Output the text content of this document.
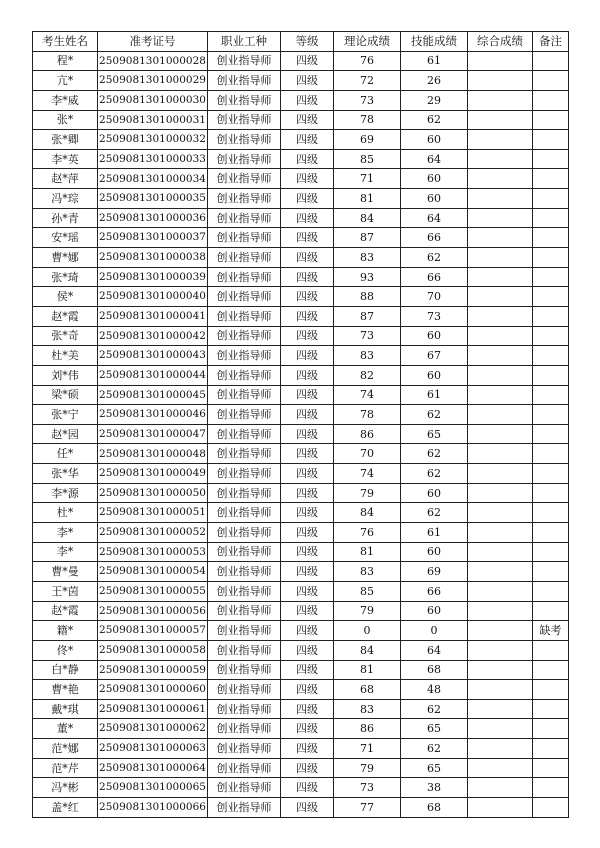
考生姓名	准考证号	职业工种	等级	理论成绩	技能成绩	综合成绩	备注
程*	2509081301000028	创业指导师	四级	76	61		
亢*	2509081301000029	创业指导师	四级	72	26		
李*威	2509081301000030	创业指导师	四级	73	29		
张*	2509081301000031	创业指导师	四级	78	62		
张*卿	2509081301000032	创业指导师	四级	69	60		
李*英	2509081301000033	创业指导师	四级	85	64		
赵*萍	2509081301000034	创业指导师	四级	71	60		
冯*琮	2509081301000035	创业指导师	四级	81	60		
孙*青	2509081301000036	创业指导师	四级	84	64		
安*瑶	2509081301000037	创业指导师	四级	87	66		
曹*娜	2509081301000038	创业指导师	四级	83	62		
张*琦	2509081301000039	创业指导师	四级	93	66		
侯*	2509081301000040	创业指导师	四级	88	70		
赵*霞	2509081301000041	创业指导师	四级	87	73		
张*奇	2509081301000042	创业指导师	四级	73	60		
杜*美	2509081301000043	创业指导师	四级	83	67		
刘*伟	2509081301000044	创业指导师	四级	82	60		
梁*硕	2509081301000045	创业指导师	四级	74	61		
张*宁	2509081301000046	创业指导师	四级	78	62		
赵*园	2509081301000047	创业指导师	四级	86	65		
任*	2509081301000048	创业指导师	四级	70	62		
张*华	2509081301000049	创业指导师	四级	74	62		
李*源	2509081301000050	创业指导师	四级	79	60		
杜*	2509081301000051	创业指导师	四级	84	62		
李*	2509081301000052	创业指导师	四级	76	61		
李*	2509081301000053	创业指导师	四级	81	60		
曹*曼	2509081301000054	创业指导师	四级	83	69		
王*茵	2509081301000055	创业指导师	四级	85	66		
赵*霞	2509081301000056	创业指导师	四级	79	60		
籍*	2509081301000057	创业指导师	四级	0	0		缺考
佟*	2509081301000058	创业指导师	四级	84	64		
白*静	2509081301000059	创业指导师	四级	81	68		
曹*艳	2509081301000060	创业指导师	四级	68	48		
戴*琪	2509081301000061	创业指导师	四级	83	62		
董*	2509081301000062	创业指导师	四级	86	65		
范*娜	2509081301000063	创业指导师	四级	71	62		
范*芹	2509081301000064	创业指导师	四级	79	65		
冯*彬	2509081301000065	创业指导师	四级	73	38		
盖*红	2509081301000066	创业指导师	四级	77	68		
